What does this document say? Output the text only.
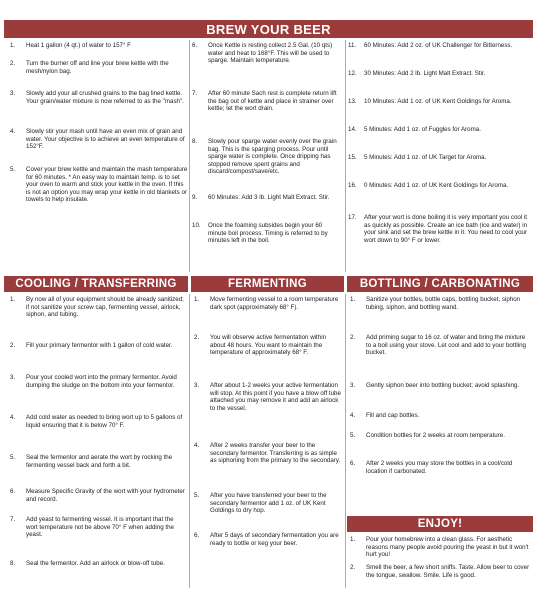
BREW YOUR BEER
1.	Heat 1 gallon (4 qt.) of water to 157° F
2.	Turn the burner off and line your brew kettle with the mesh/nylon bag.
3.	Slowly add your all crushed grains to the bag lined kettle. Your grain/water mixture is now referred to as the "mash".
4.	Slowly stir your mash until have an even mix of grain and water. Your objective is to achieve an even temperature of 152°F.
5.	Cover your brew kettle and maintain the mash temperature for 60 minutes. * An easy way to maintain temp. is to set your oven to warm and stick your kettle in the oven. If this is not an option you may wrap your kettle in old blankets or towels to help insulate.
6.	Once Kettle is resting collect 2.5 Gal. (10 qts) water and heat to 168°F. This will be used to sparge. Maintain temperature.
7.	After 60 minute Sach rest is complete return lift the bag out of kettle and place in strainer over kettle; let the wort drain.
8.	Slowly pour sparge water evenly over the grain bag. This is the sparging process. Pour until sparge water is complete. Once dripping has stopped remove spent grains and discard/compost/save/etc.
9.	60 Minutes: Add 3 lb. Light Malt Extract. Stir.
10.	Once the foaming subsides begin your 60 minute boil process. Timing is referred to by minutes left in the boil.
11.	60 Minutes: Add 2 oz. of UK Challenger for Bitterness.
12.	30 Minutes: Add 2 lb. Light Malt Extract. Stir.
13.	10 Minutes: Add 1 oz. of UK Kent Goldings for Aroma.
14.	5 Minutes: Add 1 oz. of Fuggles for Aroma.
15.	5 Minutes: Add 1 oz. of UK Target for Aroma.
16.	0 Minutes: Add 1 oz. of UK Kent Goldings for Aroma.
17.	After your wort is done boiling it is very important you cool it as quickly as possible. Create an ice bath (ice and water) in your sink and set the brew kettle in it. You need to cool your wort down to 90° F or lower.
COOLING / TRANSFERRING	FERMENTING	BOTTLING / CARBONATING
1.	By now all of your equipment should be already sanitized; if not sanitize your screw cap, fermenting vessel, airlock, siphon, and tubing.
2.	Fill your primary fermentor with 1 gallon of cold water.
3.	Pour your cooled wort into the primary fermentor. Avoid dumping the sludge on the bottom into your fermentor.
4.	Add cold water as needed to bring wort up to 5 gallons of liquid ensuring that it is below 70° F.
5.	Seal the fermentor and aerate the wort by rocking the fermenting vessel back and forth a bit.
6.	Measure Specific Gravity of the wort with your hydrometer and record.
7.	Add yeast to fermenting vessel. It is important that the wort temperature not be above 70° F when adding the yeast.
8.	Seal the fermentor. Add an airlock or blow-off tube.
1.	Move fermenting vessel to a room temperature dark spot (approximately 68° F).
2.	You will observe active fermentation within about 48 hours. You want to maintain the temperature of approximately 68° F.
3.	After about 1-2 weeks your active fermentation will stop. At this point if you have a blow off tube attached you may remove it and add an airlock to the vessel.
4.	After 2 weeks transfer your beer to the secondary fermentor. Transferring is as simple as siphoning from the primary to the secondary.
5.	After you have transferred your beer to the secondary fermentor add 1 oz. of UK Kent Goldings to dry hop.
6.	After 5 days of secondary fermentation you are ready to bottle or keg your beer.
1.	Sanitize your bottles, bottle caps, bottling bucket, siphon tubing, siphon, and bottling wand.
2.	Add priming sugar to 16 oz. of water and bring the mixture to a boil using your stove. Let cool and add to your bottling bucket.
3.	Gently siphon beer into bottling bucket; avoid splashing.
4.	Fill and cap bottles.
5.	Condition bottles for 2 weeks at room temperature.
6.	After 2 weeks you may store the bottles in a cool/cold location if carbonated.
ENJOY!
1.	Pour your homebrew into a clean glass. For aesthetic reasons many people avoid pouring the yeast in but it won't hurt you!
2.	Smell the beer, a few short sniffs. Taste. Allow beer to cover the tongue, swallow. Smile. Life is good.
